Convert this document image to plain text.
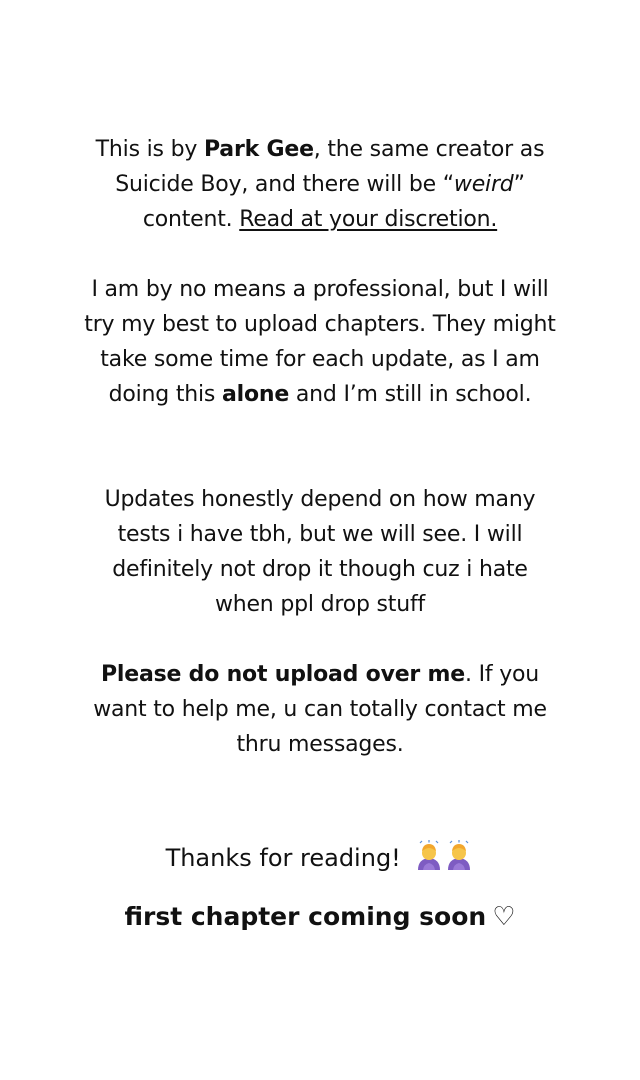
This is by Park Gee, the same creator as Suicide Boy, and there will be “weird” content. Read at your discretion.
I am by no means a professional, but I will try my best to upload chapters. They might take some time for each update, as I am doing this alone and I’m still in school.
Updates honestly depend on how many tests i have tbh, but we will see. I will definitely not drop it though cuz i hate when ppl drop stuff
Please do not upload over me. If you want to help me, u can totally contact me thru messages.
Thanks for reading!
first chapter coming soon ♡
